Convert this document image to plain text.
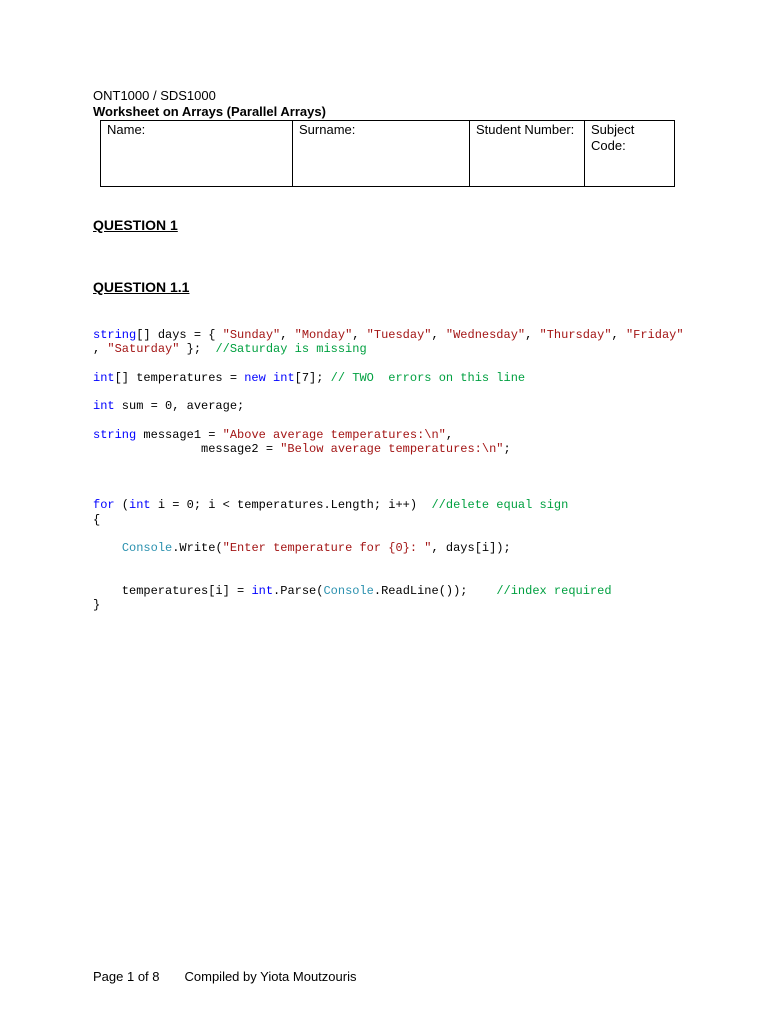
ONT1000 / SDS1000
Worksheet on Arrays (Parallel Arrays)
Name:	Surname:	Student Number:	Subject
Code:
QUESTION 1
QUESTION 1.1
string[] days = { "Sunday", "Monday", "Tuesday", "Wednesday", "Thursday", "Friday"
, "Saturday" };  //Saturday is missing
int[] temperatures = new int[7]; // TWO  errors on this line
int sum = 0, average;
string message1 = "Above average temperatures:\n",
message2 = "Below average temperatures:\n";
for (int i = 0; i < temperatures.Length; i++)  //delete equal sign
{
Console.Write("Enter temperature for {0}: ", days[i]);
temperatures[i] = int.Parse(Console.ReadLine());    //index required
}
Page 1 of 8 Compiled by Yiota Moutzouris
